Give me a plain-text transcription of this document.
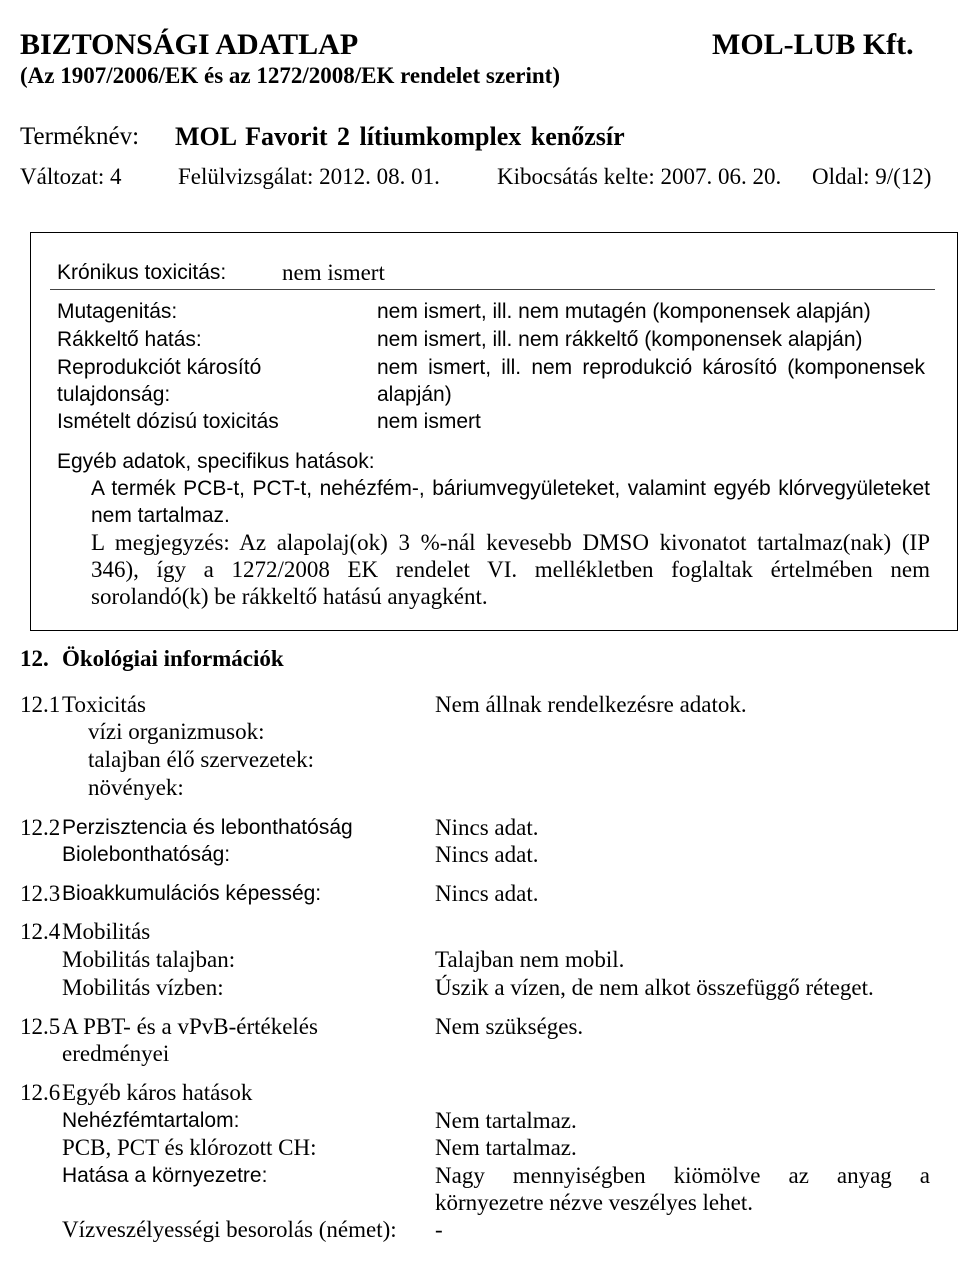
BIZTONSÁGI ADATLAP	MOL-LUB Kft.
(Az 1907/2006/EK és az 1272/2008/EK rendelet szerint)
Terméknév: MOL Favorit 2 lítiumkomplex kenőzsír
Változat: 4 Felülvizsgálat: 2012. 08. 01. Kibocsátás kelte: 2007. 06. 20. Oldal: 9/(12)
Krónikus toxicitás: nem ismert
Mutagenitás:	nem ismert, ill. nem mutagén (komponensek alapján)
Rákkeltő hatás:	nem ismert, ill. nem rákkeltő (komponensek alapján)
Reprodukciót károsító	nem ismert, ill. nem reprodukció károsító (komponensek
tulajdonság:	alapján)
Ismételt dózisú toxicitás	nem ismert
Egyéb adatok, specifikus hatások:
A termék PCB-t, PCT-t, nehézfém-, báriumvegyületeket, valamint egyéb klórvegyületeket
nem tartalmaz.
L megjegyzés: Az alapolaj(ok) 3 %-nál kevesebb DMSO kivonatot tartalmaz(nak) (IP
346), így a 1272/2008 EK rendelet VI. mellékletben foglaltak értelmében nem
sorolandó(k) be rákkeltő hatású anyagként.
12. Ökológiai információk
12.1 Toxicitás	Nem állnak rendelkezésre adatok.
vízi organizmusok:
talajban élő szervezetek:
növények:
12.2 Perzisztencia és lebonthatóság	Nincs adat.
Biolebonthatóság:	Nincs adat.
12.3 Bioakkumulációs képesség:	Nincs adat.
12.4 Mobilitás
Mobilitás talajban:	Talajban nem mobil.
Mobilitás vízben:	Úszik a vízen, de nem alkot összefüggő réteget.
12.5 A PBT- és a vPvB-értékelés	Nem szükséges.
eredményei
12.6 Egyéb káros hatások
Nehézfémtartalom:	Nem tartalmaz.
PCB, PCT és klórozott CH:	Nem tartalmaz.
Hatása a környezetre:	Nagy mennyiségben kiömölve az anyag a
környezetre nézve veszélyes lehet.
Vízveszélyességi besorolás (német): -
